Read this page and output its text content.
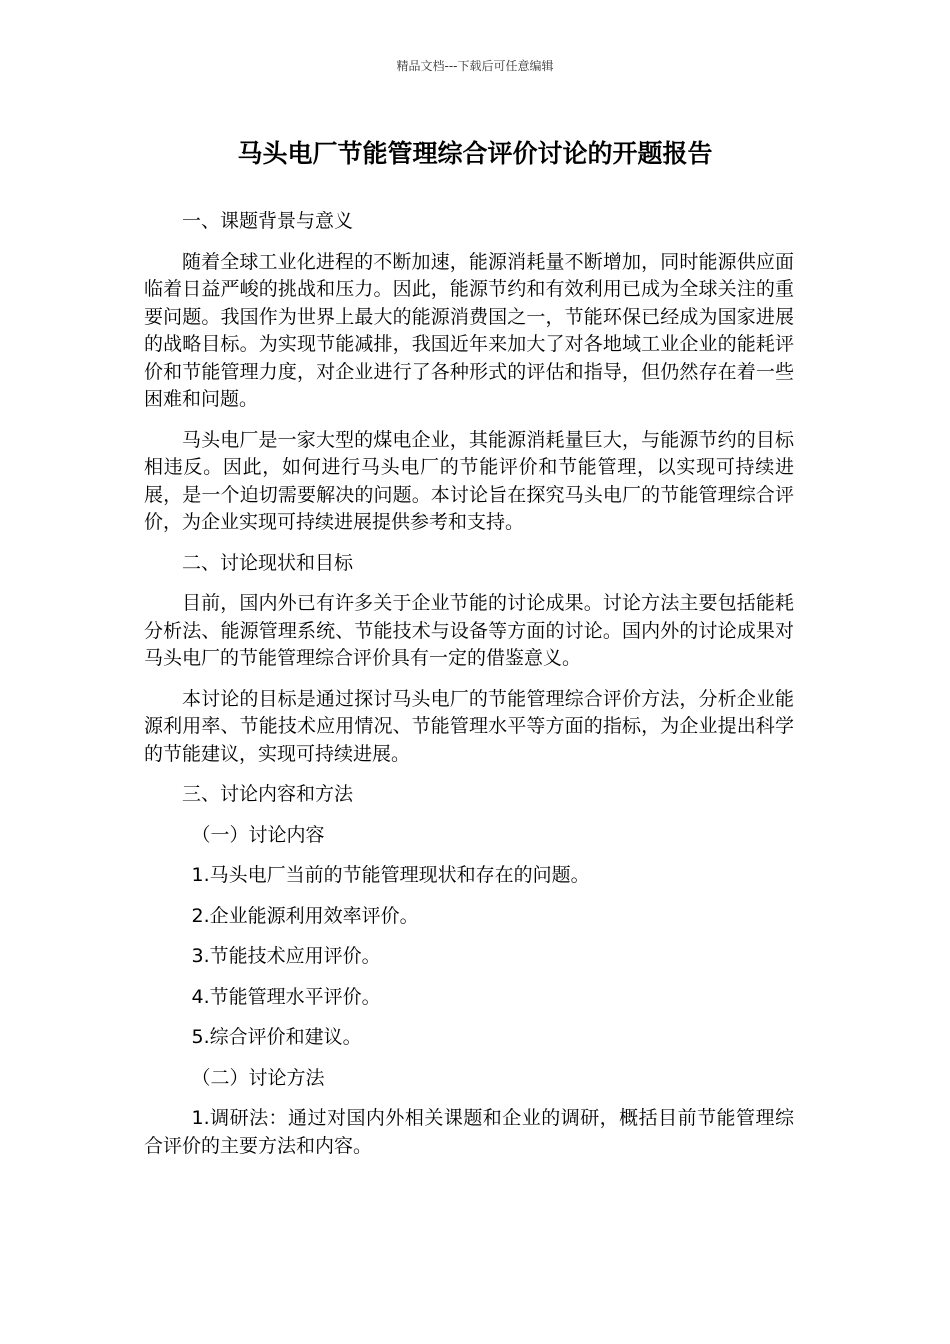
精品文档---下载后可任意编辑
马头电厂节能管理综合评价讨论的开题报告

一、课题背景与意义

随着全球工业化进程的不断加速，能源消耗量不断增加，同时能源供应面临着日益严峻的挑战和压力。因此，能源节约和有效利用已成为全球关注的重要问题。我国作为世界上最大的能源消费国之一，节能环保已经成为国家进展的战略目标。为实现节能减排，我国近年来加大了对各地域工业企业的能耗评价和节能管理力度，对企业进行了各种形式的评估和指导，但仍然存在着一些困难和问题。

马头电厂是一家大型的煤电企业，其能源消耗量巨大，与能源节约的目标相违反。因此，如何进行马头电厂的节能评价和节能管理，以实现可持续进展，是一个迫切需要解决的问题。本讨论旨在探究马头电厂的节能管理综合评价，为企业实现可持续进展提供参考和支持。

二、讨论现状和目标

目前，国内外已有许多关于企业节能的讨论成果。讨论方法主要包括能耗分析法、能源管理系统、节能技术与设备等方面的讨论。国内外的讨论成果对马头电厂的节能管理综合评价具有一定的借鉴意义。

本讨论的目标是通过探讨马头电厂的节能管理综合评价方法，分析企业能源利用率、节能技术应用情况、节能管理水平等方面的指标，为企业提出科学的节能建议，实现可持续进展。

三、讨论内容和方法

（一）讨论内容

1.马头电厂当前的节能管理现状和存在的问题。

2.企业能源利用效率评价。

3.节能技术应用评价。

4.节能管理水平评价。

5.综合评价和建议。

（二）讨论方法

1.调研法：通过对国内外相关课题和企业的调研，概括目前节能管理综合评价的主要方法和内容。
